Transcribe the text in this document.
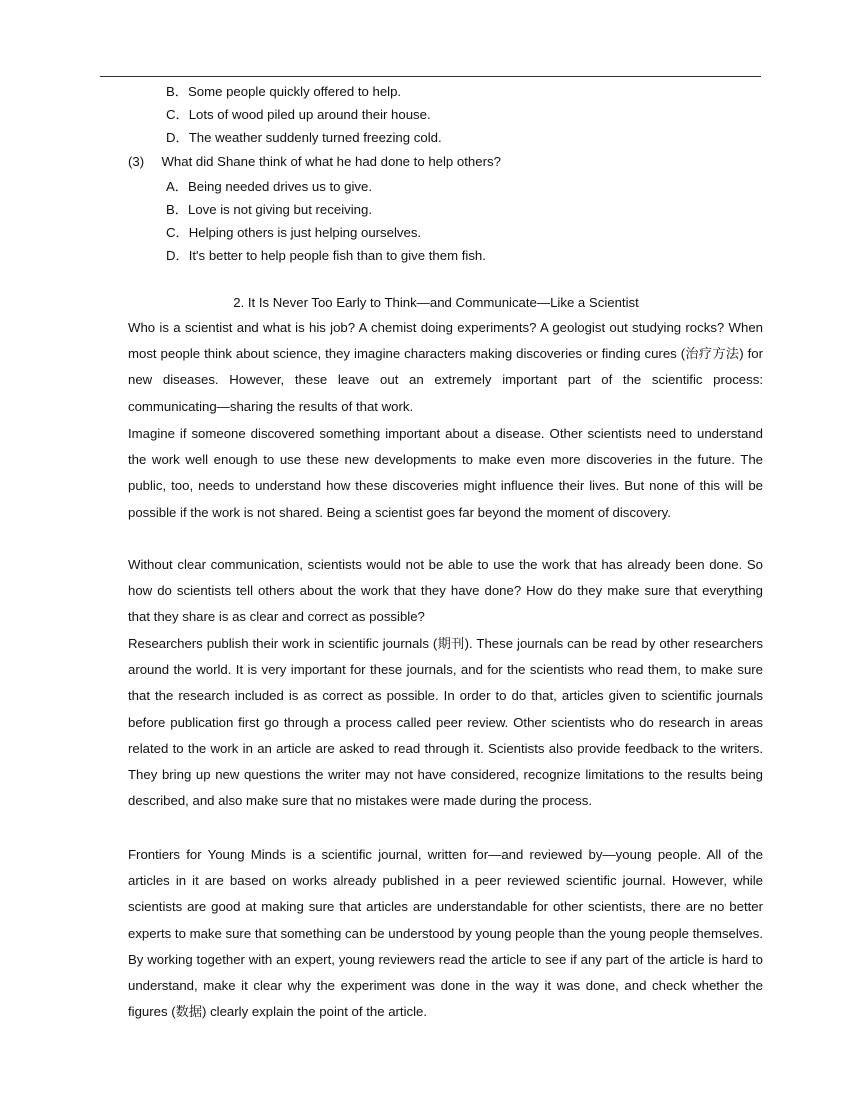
B．Some people quickly offered to help.
C．Lots of wood piled up around their house.
D．The weather suddenly turned freezing cold.
(3) What did Shane think of what he had done to help others?
A．Being needed drives us to give.
B．Love is not giving but receiving.
C．Helping others is just helping ourselves.
D．It's better to help people fish than to give them fish.
2. It Is Never Too Early to Think—and Communicate—Like a Scientist

Who is a scientist and what is his job? A chemist doing experiments? A geologist out studying rocks? When most people think about science, they imagine characters making discoveries or finding cures (治疗方法) for new diseases. However, these leave out an extremely important part of the scientific process: communicating—sharing the results of that work.

Imagine if someone discovered something important about a disease. Other scientists need to understand the work well enough to use these new developments to make even more discoveries in the future. The public, too, needs to understand how these discoveries might influence their lives. But none of this will be possible if the work is not shared. Being a scientist goes far beyond the moment of discovery.

Without clear communication, scientists would not be able to use the work that has already been done. So how do scientists tell others about the work that they have done? How do they make sure that everything that they share is as clear and correct as possible?

Researchers publish their work in scientific journals (期刊). These journals can be read by other researchers around the world. It is very important for these journals, and for the scientists who read them, to make sure that the research included is as correct as possible. In order to do that, articles given to scientific journals before publication first go through a process called peer review. Other scientists who do research in areas related to the work in an article are asked to read through it. Scientists also provide feedback to the writers. They bring up new questions the writer may not have considered, recognize limitations to the results being described, and also make sure that no mistakes were made during the process.

Frontiers for Young Minds is a scientific journal, written for—and reviewed by—young people. All of the articles in it are based on works already published in a peer reviewed scientific journal. However, while scientists are good at making sure that articles are understandable for other scientists, there are no better experts to make sure that something can be understood by young people than the young people themselves. By working together with an expert, young reviewers read the article to see if any part of the article is hard to understand, make it clear why the experiment was done in the way it was done, and check whether the figures (数据) clearly explain the point of the article.
